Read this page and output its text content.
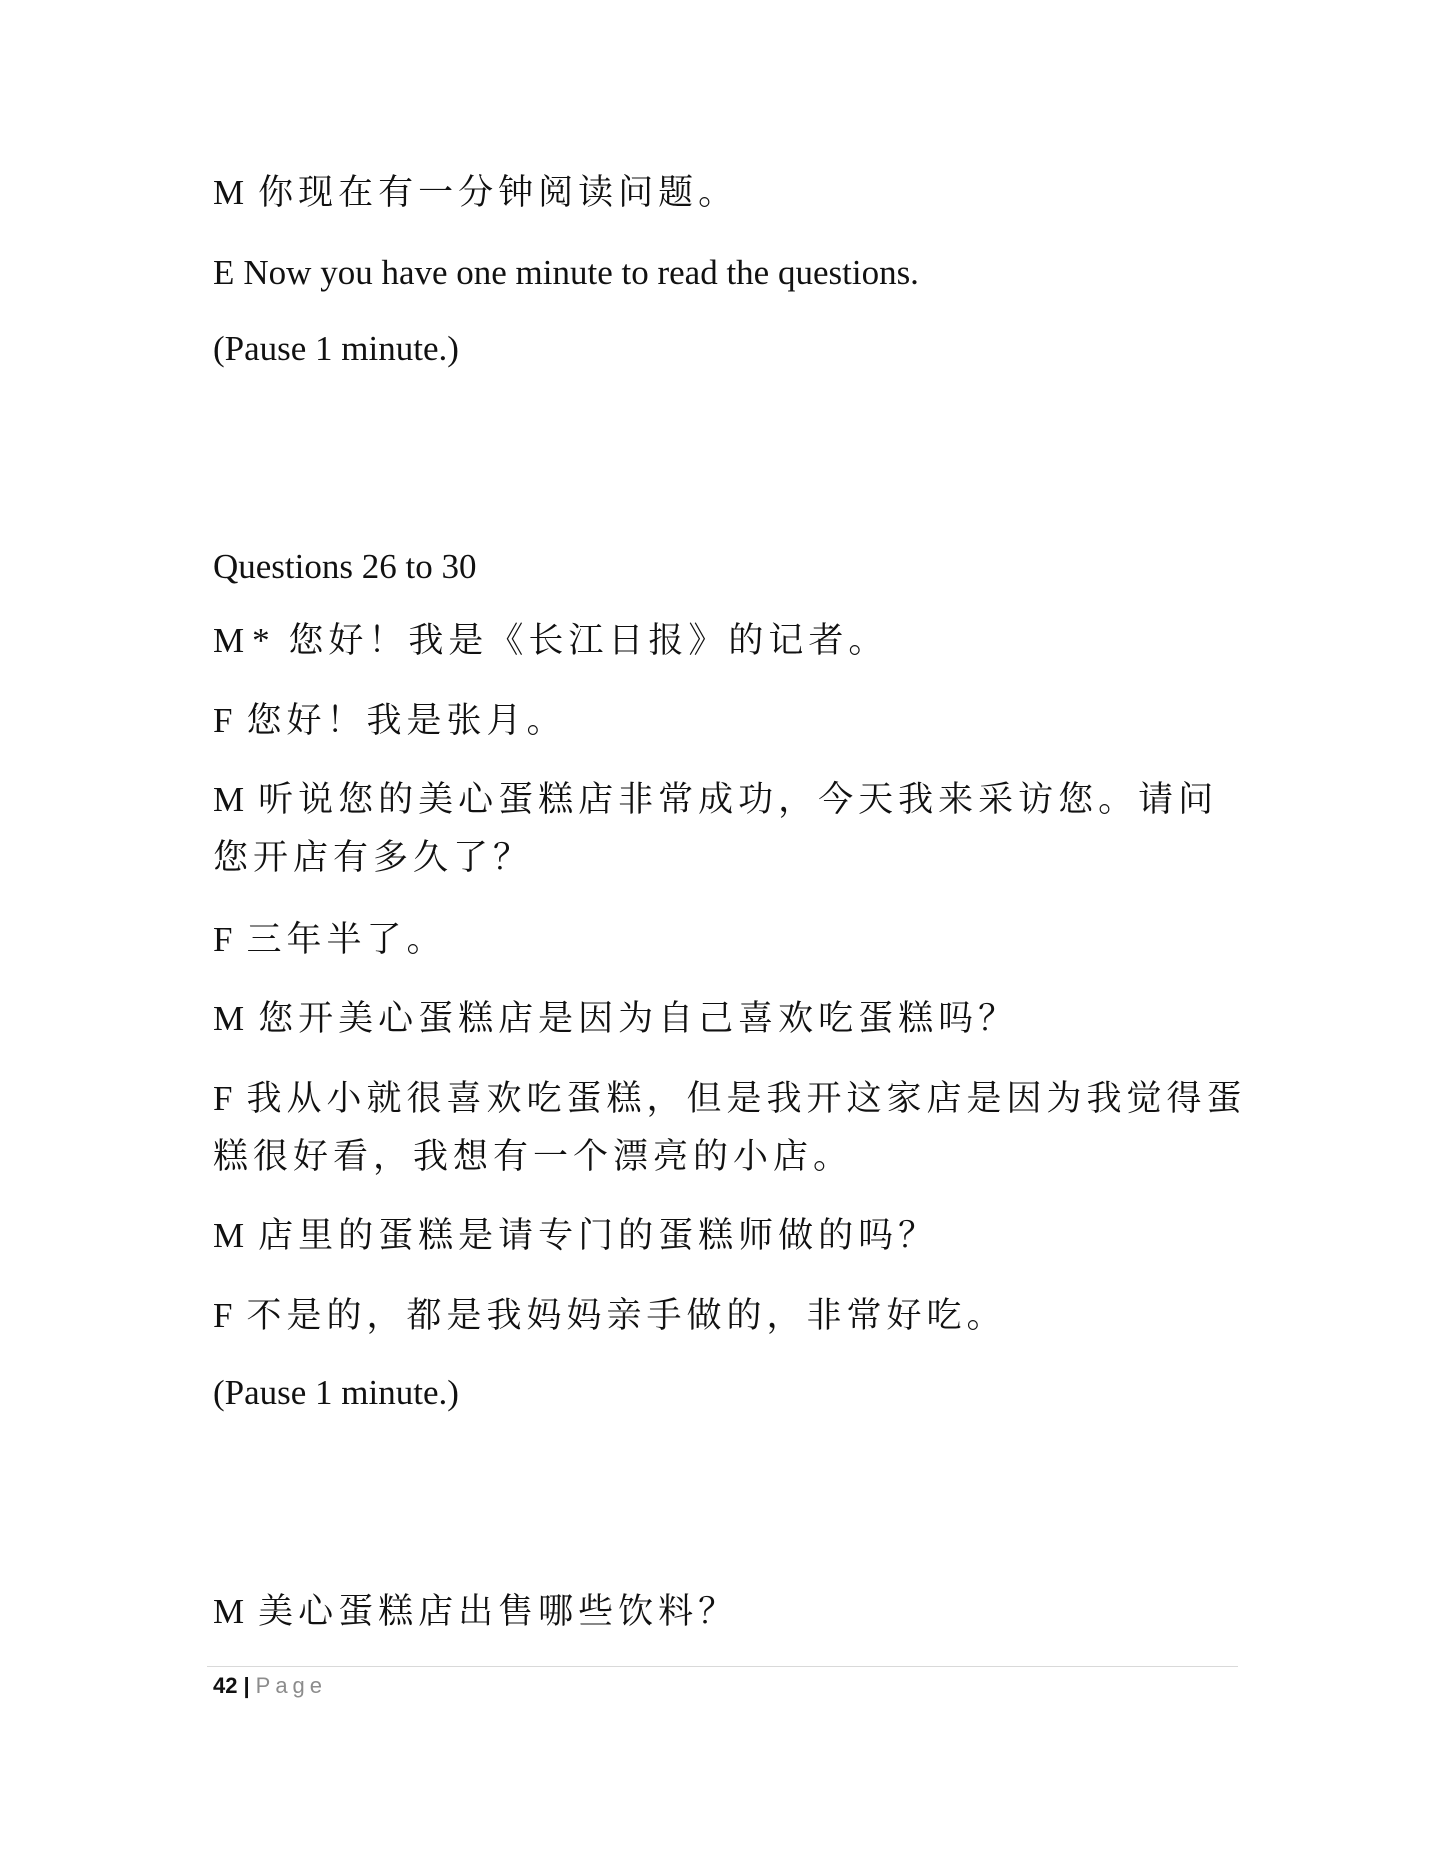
M 你现在有一分钟阅读问题。
E Now you have one minute to read the questions.
(Pause 1 minute.)
Questions 26 to 30
M * 您好！我是《长江日报》的记者。
F 您好！我是张月。
M 听说您的美心蛋糕店非常成功，今天我来采访您。请问您开店有多久了？
F 三年半了。
M 您开美心蛋糕店是因为自己喜欢吃蛋糕吗？
F 我从小就很喜欢吃蛋糕，但是我开这家店是因为我觉得蛋糕很好看，我想有一个漂亮的小店。
M 店里的蛋糕是请专门的蛋糕师做的吗？
F 不是的，都是我妈妈亲手做的，非常好吃。
(Pause 1 minute.)
M 美心蛋糕店出售哪些饮料？
42 | Page
